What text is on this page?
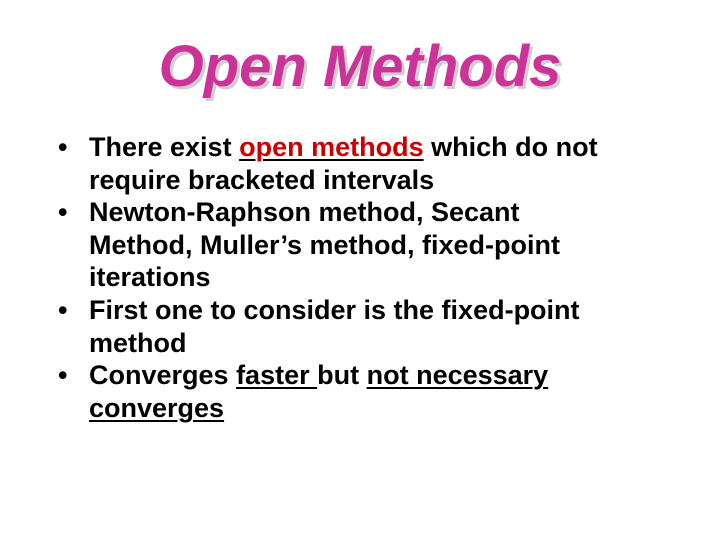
Open Methods
• There exist open methods which do not
require bracketed intervals
• Newton-Raphson method, Secant
Method, Muller’s method, fixed-point
iterations
• First one to consider is the fixed-point
method
• Converges faster but not necessary
converges
